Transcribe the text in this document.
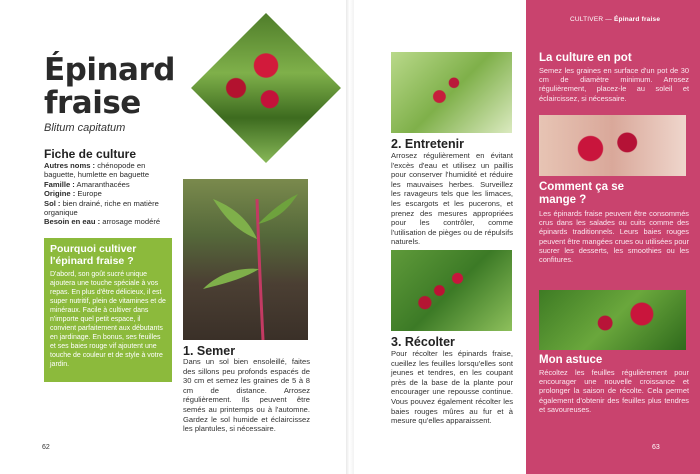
Épinard
fraise
Blitum capitatum
Fiche de culture
Autres noms : chénopode en baguette, humlette en baguette
Famille : Amaranthacées
Origine : Europe
Sol : bien drainé, riche en matière organique
Besoin en eau : arrosage modéré
Pourquoi cultiver l'épinard fraise ?
D'abord, son goût sucré unique ajoutera une touche spéciale à vos repas. En plus d'être délicieux, il est super nutritif, plein de vitamines et de minéraux. Facile à cultiver dans n'importe quel petit espace, il convient parfaitement aux débutants en jardinage. En bonus, ses feuilles et ses baies rouge vif ajoutent une touche de couleur et de style à votre jardin.
1. Semer
Dans un sol bien ensoleillé, faites des sillons peu profonds espacés de 30 cm et semez les graines de 5 à 8 cm de distance. Arrosez régulièrement. Ils peuvent être semés au printemps ou à l'automne. Gardez le sol humide et éclaircissez les plantules, si nécessaire.
62
2. Entretenir
Arrosez régulièrement en évitant l'excès d'eau et utilisez un paillis pour conserver l'humidité et réduire les mauvaises herbes. Surveillez les ravageurs tels que les limaces, les escargots et les pucerons, et prenez des mesures appropriées pour les contrôler, comme l'utilisation de pièges ou de répulsifs naturels.
3. Récolter
Pour récolter les épinards fraise, cueillez les feuilles lorsqu'elles sont jeunes et tendres, en les coupant près de la base de la plante pour encourager une repousse continue. Vous pouvez également récolter les baies rouges mûres au fur et à mesure qu'elles apparaissent.
63
La culture en pot
Semez les graines en surface d'un pot de 30 cm de diamètre minimum. Arrosez régulièrement, placez-le au soleil et éclaircissez, si nécessaire.
Comment ça se mange ?
Les épinards fraise peuvent être consommés crus dans les salades ou cuits comme des épinards traditionnels. Leurs baies rouges peuvent être mangées crues ou utilisées pour sucrer les desserts, les smoothies ou les confitures.
Mon astuce
Récoltez les feuilles régulièrement pour encourager une nouvelle croissance et prolonger la saison de récolte. Cela permet également d'obtenir des feuilles plus tendres et savoureuses.
CULTIVER — Épinard fraise
